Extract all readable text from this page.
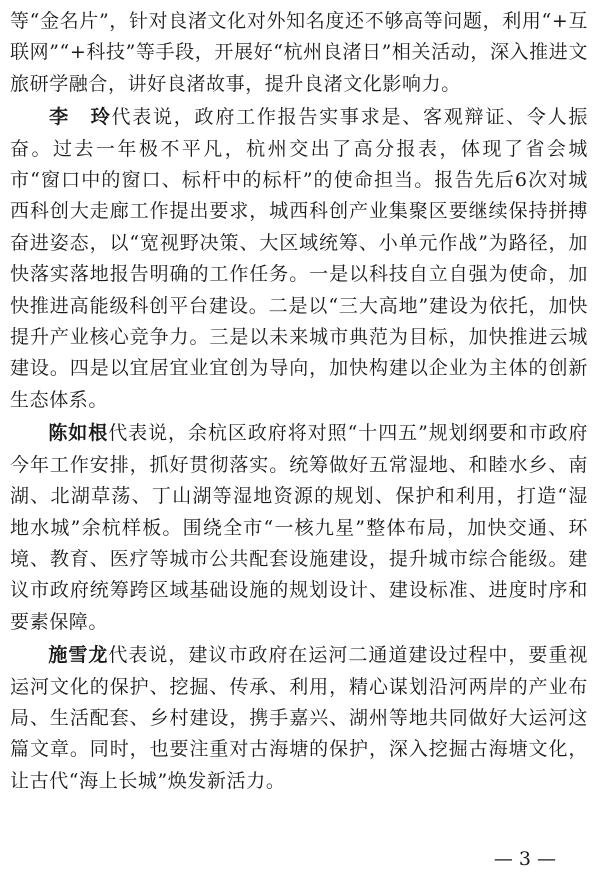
等“金名片”，针对良渚文化对外知名度还不够高等问题，利用“+互联网”“+科技”等手段，开展好“杭州良渚日”相关活动，深入推进文旅研学融合，讲好良渚故事，提升良渚文化影响力。

李　玲代表说，政府工作报告实事求是、客观辩证、令人振奋。过去一年极不平凡，杭州交出了高分报表，体现了省会城市“窗口中的窗口、标杆中的标杆”的使命担当。报告先后6次对城西科创大走廊工作提出要求，城西科创产业集聚区要继续保持拼搏奋进姿态，以“宽视野决策、大区域统筹、小单元作战”为路径，加快落实落地报告明确的工作任务。一是以科技自立自强为使命，加快推进高能级科创平台建设。二是以“三大高地”建设为依托，加快提升产业核心竞争力。三是以未来城市典范为目标，加快推进云城建设。四是以宜居宜业宜创为导向，加快构建以企业为主体的创新生态体系。

陈如根代表说，余杭区政府将对照“十四五”规划纲要和市政府今年工作安排，抓好贯彻落实。统筹做好五常湿地、和睦水乡、南湖、北湖草荡、丁山湖等湿地资源的规划、保护和利用，打造“湿地水城”余杭样板。围绕全市“一核九星”整体布局，加快交通、环境、教育、医疗等城市公共配套设施建设，提升城市综合能级。建议市政府统筹跨区域基础设施的规划设计、建设标准、进度时序和要素保障。

施雪龙代表说，建议市政府在运河二通道建设过程中，要重视运河文化的保护、挖掘、传承、利用，精心谋划沿河两岸的产业布局、生活配套、乡村建设，携手嘉兴、湖州等地共同做好大运河这篇文章。同时，也要注重对古海塘的保护，深入挖掘古海塘文化，让古代“海上长城”焕发新活力。

— 3 —
